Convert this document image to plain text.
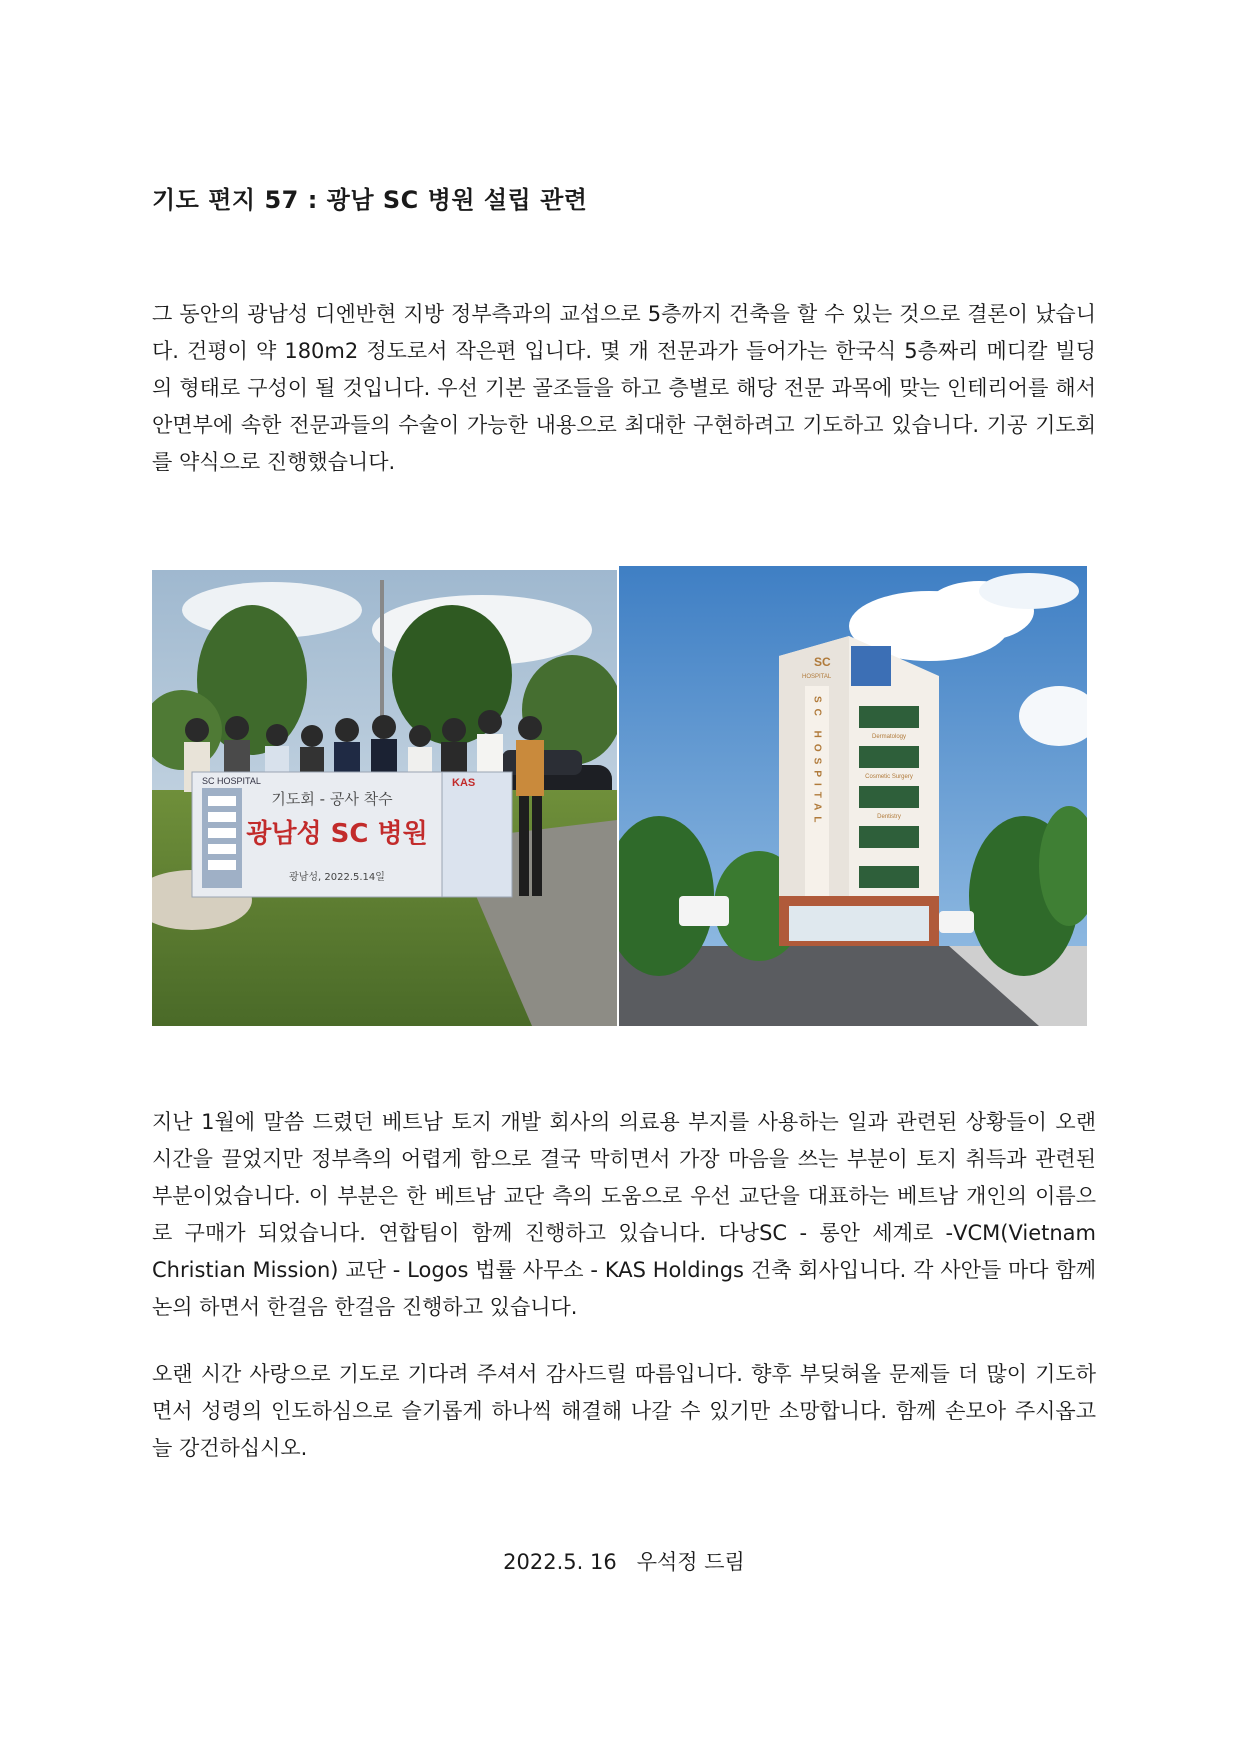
기도 편지 57 : 광남 SC 병원 설립 관련

그 동안의 광남성 디엔반현 지방 정부측과의 교섭으로 5층까지 건축을 할 수 있는 것으로 결론이 났습니다. 건평이 약 180m2 정도로서 작은편 입니다. 몇 개 전문과가 들어가는 한국식 5층짜리 메디칼 빌딩의 형태로 구성이 될 것입니다. 우선 기본 골조들을 하고 층별로 해당 전문 과목에 맞는 인테리어를 해서 안면부에 속한 전문과들의 수술이 가능한 내용으로 최대한 구현하려고 기도하고 있습니다. 기공 기도회를 약식으로 진행했습니다.

SC HOSPITAL
기도회 - 공사 착수
광남성 SC 병원
광남성, 2022.5.14일
KAS
SC
HOSPITAL
SC HOSPITAL	Dermatology
Cosmetic Surgery
Dentistry

지난 1월에 말씀 드렸던 베트남 토지 개발 회사의 의료용 부지를 사용하는 일과 관련된 상황들이 오랜 시간을 끌었지만 정부측의 어렵게 함으로 결국 막히면서 가장 마음을 쓰는 부분이 토지 취득과 관련된 부분이었습니다. 이 부분은 한 베트남 교단 측의 도움으로 우선 교단을 대표하는 베트남 개인의 이름으로 구매가 되었습니다. 연합팀이 함께 진행하고 있습니다. 다낭SC - 롱안 세계로 -VCM(Vietnam Christian Mission) 교단 - Logos 법률 사무소 - KAS Holdings 건축 회사입니다. 각 사안들 마다 함께 논의 하면서 한걸음 한걸음 진행하고 있습니다.

오랜 시간 사랑으로 기도로 기다려 주셔서 감사드릴 따름입니다. 향후 부딪혀올 문제들 더 많이 기도하면서 성령의 인도하심으로 슬기롭게 하나씩 해결해 나갈 수 있기만 소망합니다. 함께 손모아 주시옵고 늘 강건하십시오.

2022.5. 16 우석정 드림
